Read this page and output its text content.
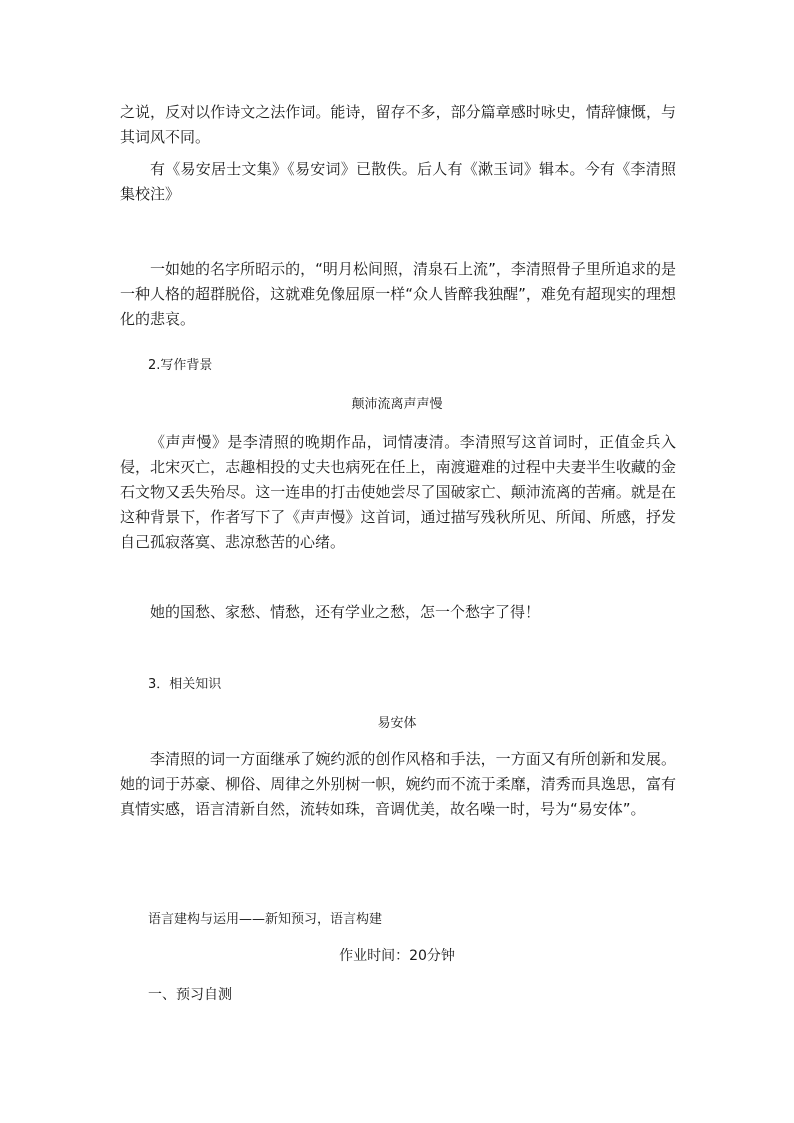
之说，反对以作诗文之法作词。能诗，留存不多，部分篇章感时咏史，情辞慷慨，与其词风不同。

有《易安居士文集》《易安词》已散佚。后人有《漱玉词》辑本。今有《李清照集校注》

一如她的名字所昭示的，“明月松间照，清泉石上流”，李清照骨子里所追求的是一种人格的超群脱俗，这就难免像屈原一样“众人皆醉我独醒”，难免有超现实的理想化的悲哀。

2.写作背景

颠沛流离声声慢

《声声慢》是李清照的晚期作品，词情凄清。李清照写这首词时，正值金兵入侵，北宋灭亡，志趣相投的丈夫也病死在任上，南渡避难的过程中夫妻半生收藏的金石文物又丢失殆尽。这一连串的打击使她尝尽了国破家亡、颠沛流离的苦痛。就是在这种背景下，作者写下了《声声慢》这首词，通过描写残秋所见、所闻、所感，抒发自己孤寂落寞、悲凉愁苦的心绪。

她的国愁、家愁、情愁，还有学业之愁，怎一个愁字了得！

3．相关知识

易安体

李清照的词一方面继承了婉约派的创作风格和手法，一方面又有所创新和发展。她的词于苏豪、柳俗、周律之外别树一帜，婉约而不流于柔靡，清秀而具逸思，富有真情实感，语言清新自然，流转如珠，音调优美，故名噪一时，号为“易安体”。

语言建构与运用——新知预习，语言构建

作业时间：20分钟

一、预习自测
